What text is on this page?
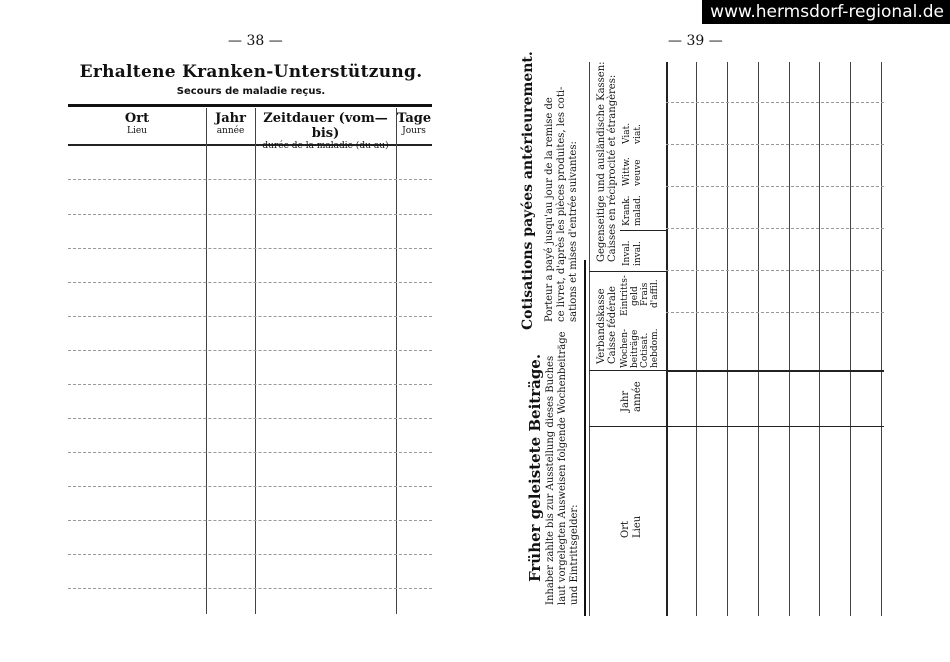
www.hermsdorf-regional.de
— 38 —
Erhaltene Kranken-Unterstützung.
Secours de maladie reçus.
Ort
Lieu
Jahr
année
Zeitdauer (vom—bis)
durée de la maladie (du-au)
Tage
Jours
— 39 —
Früher geleistete Beiträge. Inhaber zahlte bis zur Ausstellung dieses Buches laut vorgelegten Ausweisen folgende Wochenbeiträge und Eintrittsgelder:
Cotisations payées antérieurement. Porteur a payé jusqu'au jour de la remise de ce livret, d'après les pièces produites, les coti- sations et mises d'entrée suivantes:
Ort Lieu
Jahr année
Verbandskasse Caisse fédérale Wochen- beiträge Cotisat. hebdom.
Eintritts- geld Frais d'affil.
Gegenseitige und ausländische Kassen: Caisses en réciprocité et étrangères: Inval. inval.
Krank. malad.
Wittw. veuve
Viat. viat.
